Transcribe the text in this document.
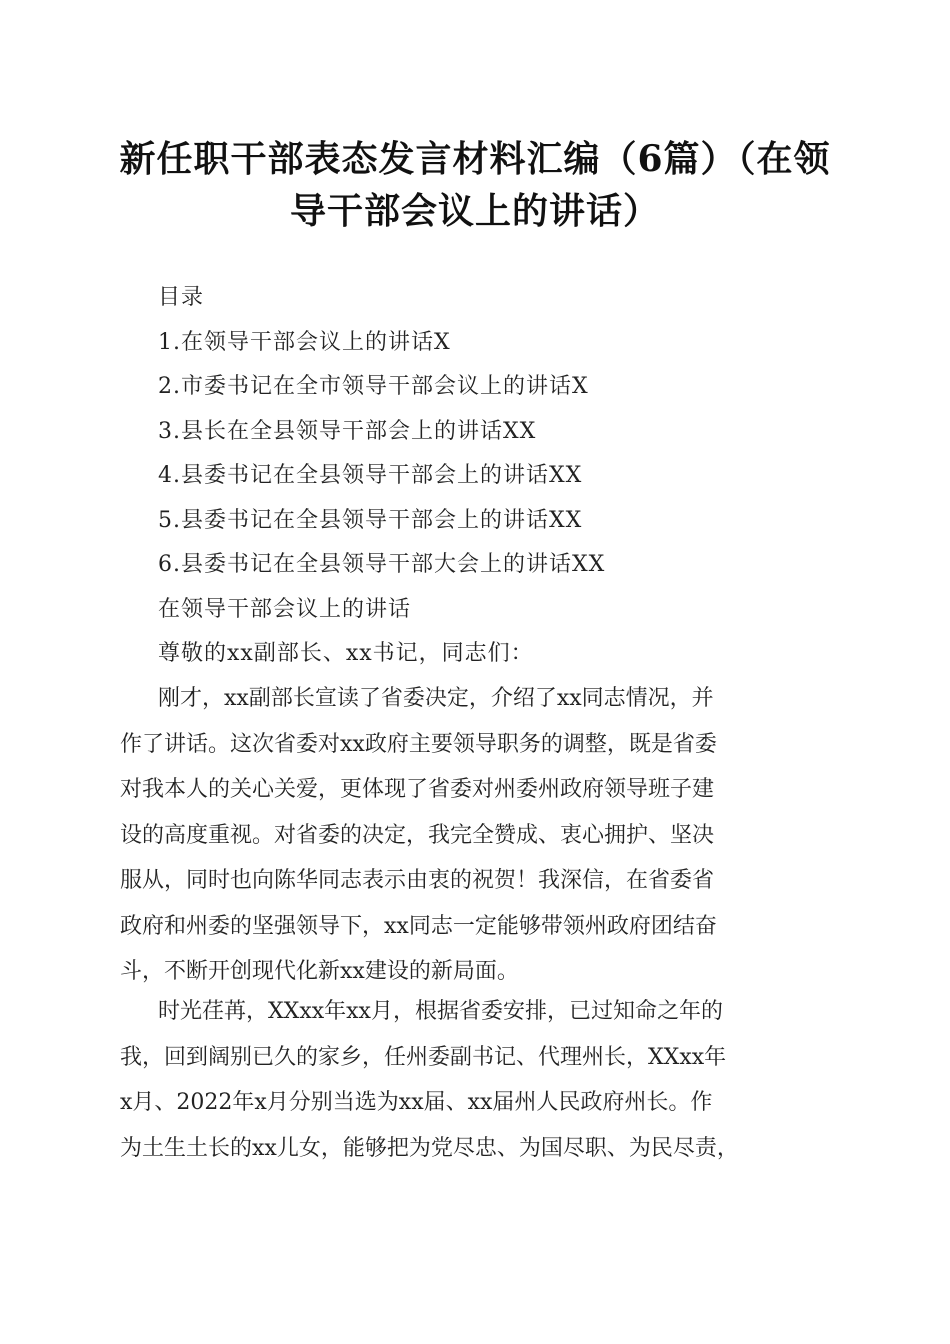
新任职干部表态发言材料汇编（6篇）（在领
导干部会议上的讲话）
目录
1.在领导干部会议上的讲话X
2.市委书记在全市领导干部会议上的讲话X
3.县长在全县领导干部会上的讲话XX
4.县委书记在全县领导干部会上的讲话XX
5.县委书记在全县领导干部会上的讲话XX
6.县委书记在全县领导干部大会上的讲话XX
在领导干部会议上的讲话
尊敬的xx副部长、xx书记，同志们：
刚才，xx副部长宣读了省委决定，介绍了xx同志情况，并
作了讲话。这次省委对xx政府主要领导职务的调整，既是省委
对我本人的关心关爱，更体现了省委对州委州政府领导班子建
设的高度重视。对省委的决定，我完全赞成、衷心拥护、坚决
服从，同时也向陈华同志表示由衷的祝贺！我深信，在省委省
政府和州委的坚强领导下，xx同志一定能够带领州政府团结奋
斗，不断开创现代化新xx建设的新局面。
时光荏苒，XXxx年xx月，根据省委安排，已过知命之年的
我，回到阔别已久的家乡，任州委副书记、代理州长，XXxx年
x月、2022年x月分别当选为xx届、xx届州人民政府州长。作
为土生土长的xx儿女，能够把为党尽忠、为国尽职、为民尽责，
